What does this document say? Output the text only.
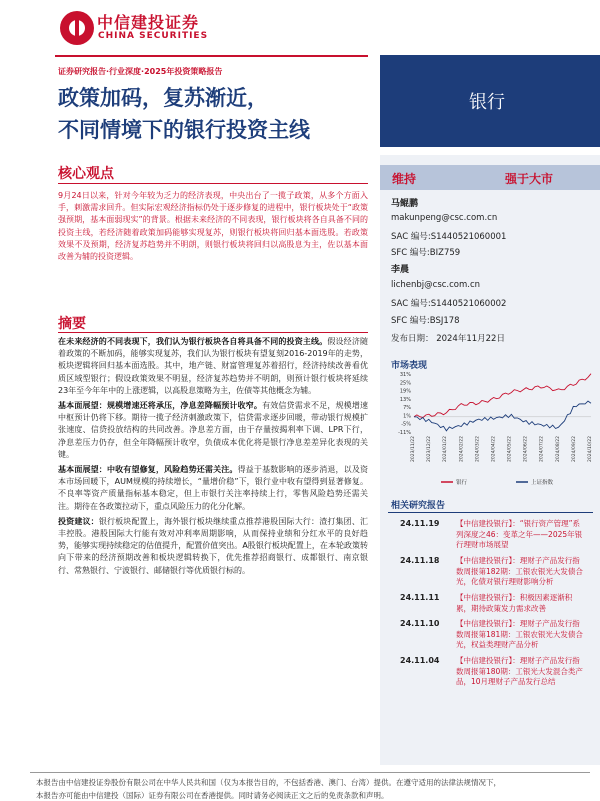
中信建投证券
CHINA SECURITIES
证券研究报告·行业深度·2025年投资策略报告
政策加码，复苏渐近，
不同情境下的银行投资主线
银行
维持	强于大市
马鲲鹏
makunpeng@csc.com.cn
SAC 编号:S1440521060001
SFC 编号:BIZ759
李晨
lichenbj@csc.com.cn
SAC 编号:S1440521060002
SFC 编号:BSJ178
发布日期： 2024年11月22日
市场表现
31%
25%
19%
13%
7%
1%
-5%
-11%
2023/11/22 2023/12/22 2024/01/22 2024/02/22 2024/03/22 2024/04/22 2024/05/22 2024/06/22 2024/07/22 2024/08/22 2024/09/22 2024/10/22
银行	上证指数
相关研究报告
24.11.19 【中信建投银行】：“银行资产管理”系列深度之46：变革之年——2025年银行理财市场展望
24.11.18 【中信建投银行】：理财子产品发行指数周报第182期：工银农银光大发债合光，化债对银行理财影响分析
24.11.11 【中信建投银行】：积极因素逐渐积累，期待政策发力需求改善
24.11.10 【中信建投银行】：理财子产品发行指数周报第181期：工银农银光大发债合光，权益类理财产品分析
24.11.04 【中信建投银行】：理财子产品发行指数周报第180期：工银光大发混合类产品，10月理财子产品发行总结
核心观点
9月24日以来，针对今年较为乏力的经济表现，中央出台了一揽子政策，从多个方面入手，刺激需求回升。但实际宏观经济指标仍处于逐步修复的进程中，银行板块处于“政策强预期，基本面弱现实”的背景。根据未来经济的不同表现，银行板块将各自具备不同的投资主线，若经济随着政策加码能够实现复苏，则银行板块将回归基本面选股。若政策效果不及预期，经济复苏趋势并不明朗，则银行板块将回归以高股息为主，佐以基本面改善为辅的投资逻辑。
摘要

在未来经济的不同表现下，我们认为银行板块各自将具备不同的投资主线。假设经济随着政策的不断加码，能够实现复苏，我们认为银行板块有望复刻2016-2019年的走势，板块逻辑将回归基本面选股。其中，地产链、财富管理复苏着招行，经济持续改善看优质区域型银行；假设政策效果不明显，经济复苏趋势并不明朗，则预计银行板块将延续23年至今年年中的上涨逻辑，以高股息策略为主，佐债等其他概念为辅。

基本面展望：规模增速还将承压，净息差降幅预计收窄。有效信贷需求不足，规模增速中枢预计仍将下移。期待一揽子经济刺激政策下，信贷需求逐步回暖，带动银行规模扩张速度、信贷投放结构的共同改善。净息差方面，由于存量按揭利率下调、LPR下行，净息差压力仍存，但全年降幅预计收窄，负债成本优化将是银行净息差差异化表现的关键。

基本面展望：中收有望修复，风险趋势还需关注。得益于基数影响的逐步消退，以及资本市场回暖下，AUM规模的持续增长，“量增价稳”下，银行业中收有望得到显著修复。不良率等资产质量指标基本稳定，但上市银行关注率持续上行，零售风险趋势还需关注。期待在各政策拉动下，重点风险压力的化分化解。

投资建议：银行板块配置上，海外银行板块继续重点推荐港股国际大行：渣打集团、汇丰控股。港股国际大行能有效对冲利率周期影响，从而保持业绩和分红水平的良好趋势，能够实现持续稳定的估值提升，配置价值突出。A股银行板块配置上，在本轮政策转向下带来的经济预期改善和板块逻辑转换下，优先推荐招商银行、成都银行、南京银行、常熟银行、宁波银行、邮储银行等优质银行标的。

本报告由中信建投证券股份有限公司在中华人民共和国（仅为本报告目的，不包括香港、澳门、台湾）提供。在遵守适用的法律法规情况下，
本报告亦可能由中信建投（国际）证券有限公司在香港提供。同时请务必阅读正文之后的免责条款和声明。
